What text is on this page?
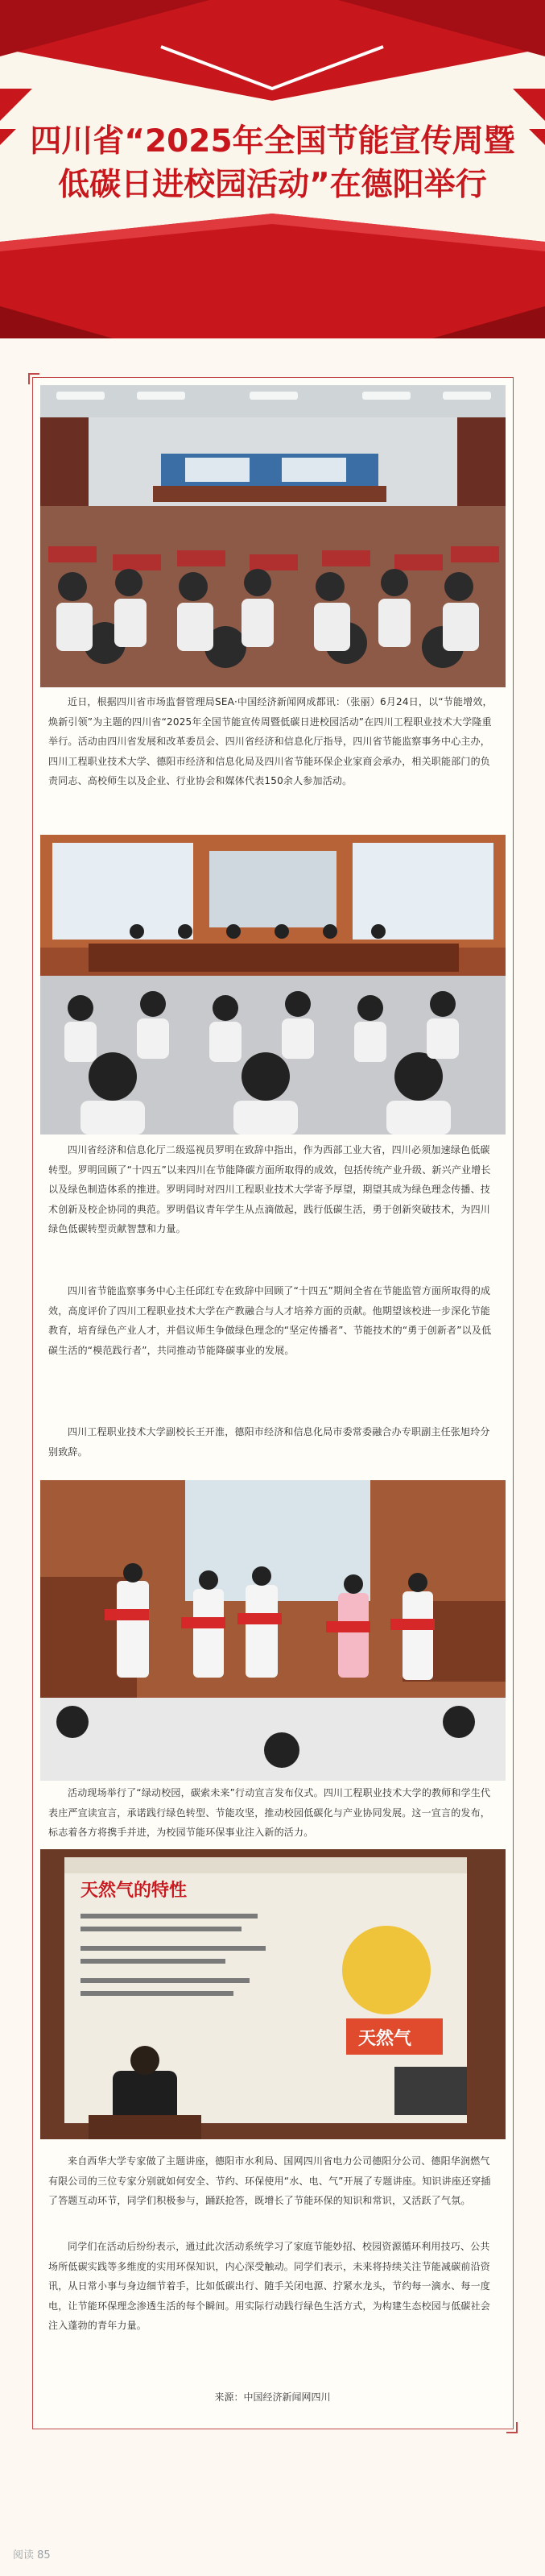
四川省“2025年全国节能宣传周暨
低碳日进校园活动”在德阳举行

近日，根据四川省市场监督管理局SEA·中国经济新闻网成都讯：（张丽）6月24日，以“节能增效，焕新引领”为主题的四川省“2025年全国节能宣传周暨低碳日进校园活动”在四川工程职业技术大学隆重举行。活动由四川省发展和改革委员会、四川省经济和信息化厅指导，四川省节能监察事务中心主办，四川工程职业技术大学、德阳市经济和信息化局及四川省节能环保企业家商会承办，相关职能部门的负责同志、高校师生以及企业、行业协会和媒体代表150余人参加活动。

四川省经济和信息化厅二级巡视员罗明在致辞中指出，作为西部工业大省，四川必须加速绿色低碳转型。罗明回顾了“十四五”以来四川在节能降碳方面所取得的成效，包括传统产业升级、新兴产业增长以及绿色制造体系的推进。罗明同时对四川工程职业技术大学寄予厚望，期望其成为绿色理念传播、技术创新及校企协同的典范。罗明倡议青年学生从点滴做起，践行低碳生活，勇于创新突破技术，为四川绿色低碳转型贡献智慧和力量。

四川省节能监察事务中心主任邱红专在致辞中回顾了“十四五”期间全省在节能监管方面所取得的成效，高度评价了四川工程职业技术大学在产教融合与人才培养方面的贡献。他期望该校进一步深化节能教育，培育绿色产业人才，并倡议师生争做绿色理念的“坚定传播者”、节能技术的“勇于创新者”以及低碳生活的“模范践行者”，共同推动节能降碳事业的发展。

四川工程职业技术大学副校长王开淮，德阳市经济和信息化局市委常委融合办专职副主任张旭玲分别致辞。

活动现场举行了“绿动校园，碳索未来”行动宣言发布仪式。四川工程职业技术大学的教师和学生代表庄严宣读宣言，承诺践行绿色转型、节能攻坚，推动校园低碳化与产业协同发展。这一宣言的发布，标志着各方将携手并进，为校园节能环保事业注入新的活力。

天然气的特性
天然气

来自西华大学专家做了主题讲座，德阳市水利局、国网四川省电力公司德阳分公司、德阳华润燃气有限公司的三位专家分别就如何安全、节约、环保使用“水、电、气”开展了专题讲座。知识讲座还穿插了答题互动环节，同学们积极参与，踊跃抢答，既增长了节能环保的知识和常识，又活跃了气氛。

同学们在活动后纷纷表示，通过此次活动系统学习了家庭节能妙招、校园资源循环利用技巧、公共场所低碳实践等多维度的实用环保知识，内心深受触动。同学们表示，未来将持续关注节能减碳前沿资讯，从日常小事与身边细节着手，比如低碳出行、随手关闭电源、拧紧水龙头，节约每一滴水、每一度电，让节能环保理念渗透生活的每个瞬间。用实际行动践行绿色生活方式，为构建生态校园与低碳社会注入蓬勃的青年力量。

来源：中国经济新闻网四川
阅读 85
